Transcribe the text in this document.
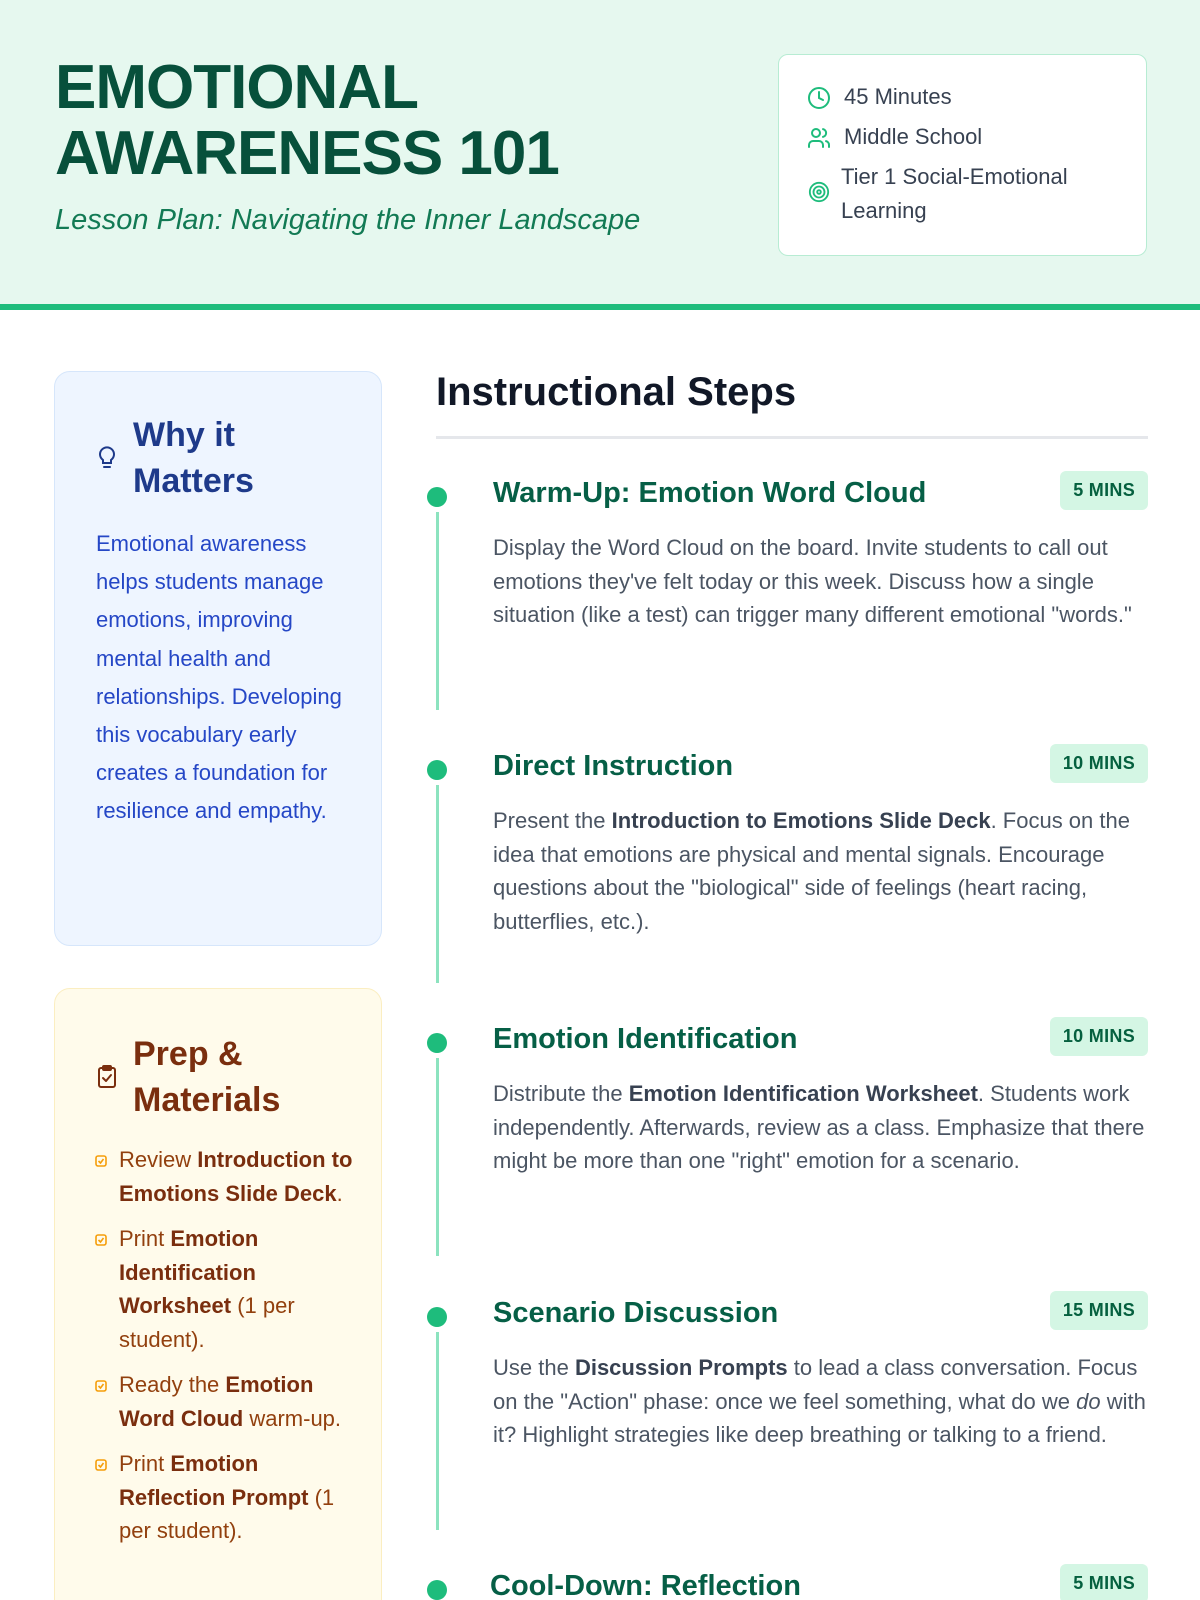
EMOTIONAL AWARENESS 101
Lesson Plan: Navigating the Inner Landscape
45 Minutes
Middle School
Tier 1 Social-Emotional Learning
Why it Matters

Emotional awareness helps students manage emotions, improving mental health and relationships. Developing this vocabulary early creates a foundation for resilience and empathy.

Prep & Materials
Review Introduction to Emotions Slide Deck.
Print Emotion Identification Worksheet (1 per student).
Ready the Emotion Word Cloud warm-up.
Print Emotion Reflection Prompt (1 per student).
Instructional Steps
Warm-Up: Emotion Word Cloud	5 MINS

Display the Word Cloud on the board. Invite students to call out emotions they've felt today or this week. Discuss how a single situation (like a test) can trigger many different emotional "words."

Direct Instruction	10 MINS

Present the Introduction to Emotions Slide Deck. Focus on the idea that emotions are physical and mental signals. Encourage questions about the "biological" side of feelings (heart racing, butterflies, etc.).

Emotion Identification	10 MINS

Distribute the Emotion Identification Worksheet. Students work independently. Afterwards, review as a class. Emphasize that there might be more than one "right" emotion for a scenario.

Scenario Discussion	15 MINS

Use the Discussion Prompts to lead a class conversation. Focus on the "Action" phase: once we feel something, what do we do with it? Highlight strategies like deep breathing or talking to a friend.

Cool-Down: Reflection	5 MINS
